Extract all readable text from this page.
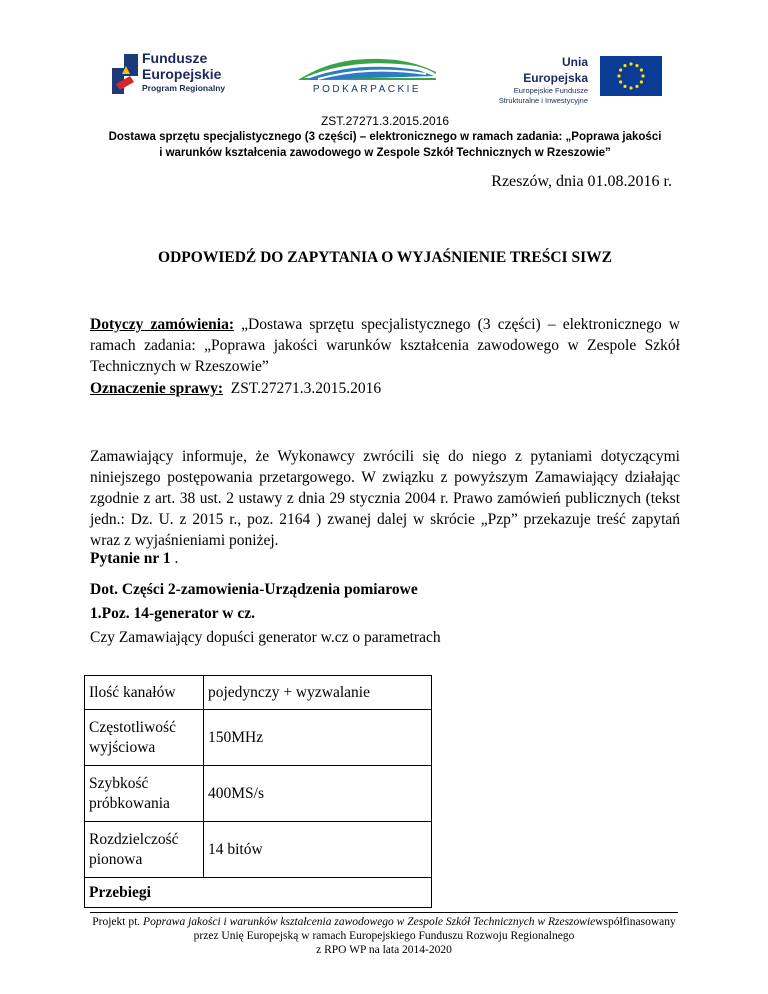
Fundusze
Europejskie
Program Regionalny	PODKARPACKIE
Unia Europejska
Europejskie Fundusze
Strukturalne i Inwestycyjne
ZST.27271.3.2015.2016
Dostawa sprzętu specjalistycznego (3 części) – elektronicznego w ramach zadania: „Poprawa jakości
i warunków kształcenia zawodowego w Zespole Szkół Technicznych w Rzeszowie”
Rzeszów, dnia 01.08.2016 r.
ODPOWIEDŹ DO ZAPYTANIA O WYJAŚNIENIE TREŚCI SIWZ
Dotyczy zamówienia: „Dostawa sprzętu specjalistycznego (3 części) – elektronicznego w ramach zadania: „Poprawa jakości warunków kształcenia zawodowego w Zespole Szkół Technicznych w Rzeszowie”
Oznaczenie sprawy:  ZST.27271.3.2015.2016
Zamawiający informuje, że Wykonawcy zwrócili się do niego z pytaniami dotyczącymi niniejszego postępowania przetargowego. W związku z powyższym Zamawiający działając zgodnie z art. 38 ust. 2 ustawy z dnia 29 stycznia 2004 r. Prawo zamówień publicznych (tekst jedn.: Dz. U. z 2015 r., poz. 2164 ) zwanej dalej w skrócie „Pzp” przekazuje treść zapytań wraz z wyjaśnieniami poniżej.
Pytanie nr 1 .
Dot. Części 2-zamowienia-Urządzenia pomiarowe
1.Poz. 14-generator w cz.
Czy Zamawiający dopuści generator w.cz o parametrach
Ilość kanałów	pojedynczy + wyzwalanie
Częstotliwość wyjściowa	150MHz
Szybkość próbkowania	400MS/s
Rozdzielczość pionowa	14 bitów
Przebiegi	
Projekt pt. Poprawa jakości i warunków kształcenia zawodowego w Zespole Szkół Technicznych w Rzeszowiewspółfinasowany przez Unię Europejską w ramach Europejskiego Funduszu Rozwoju Regionalnego
z RPO WP na lata 2014-2020
